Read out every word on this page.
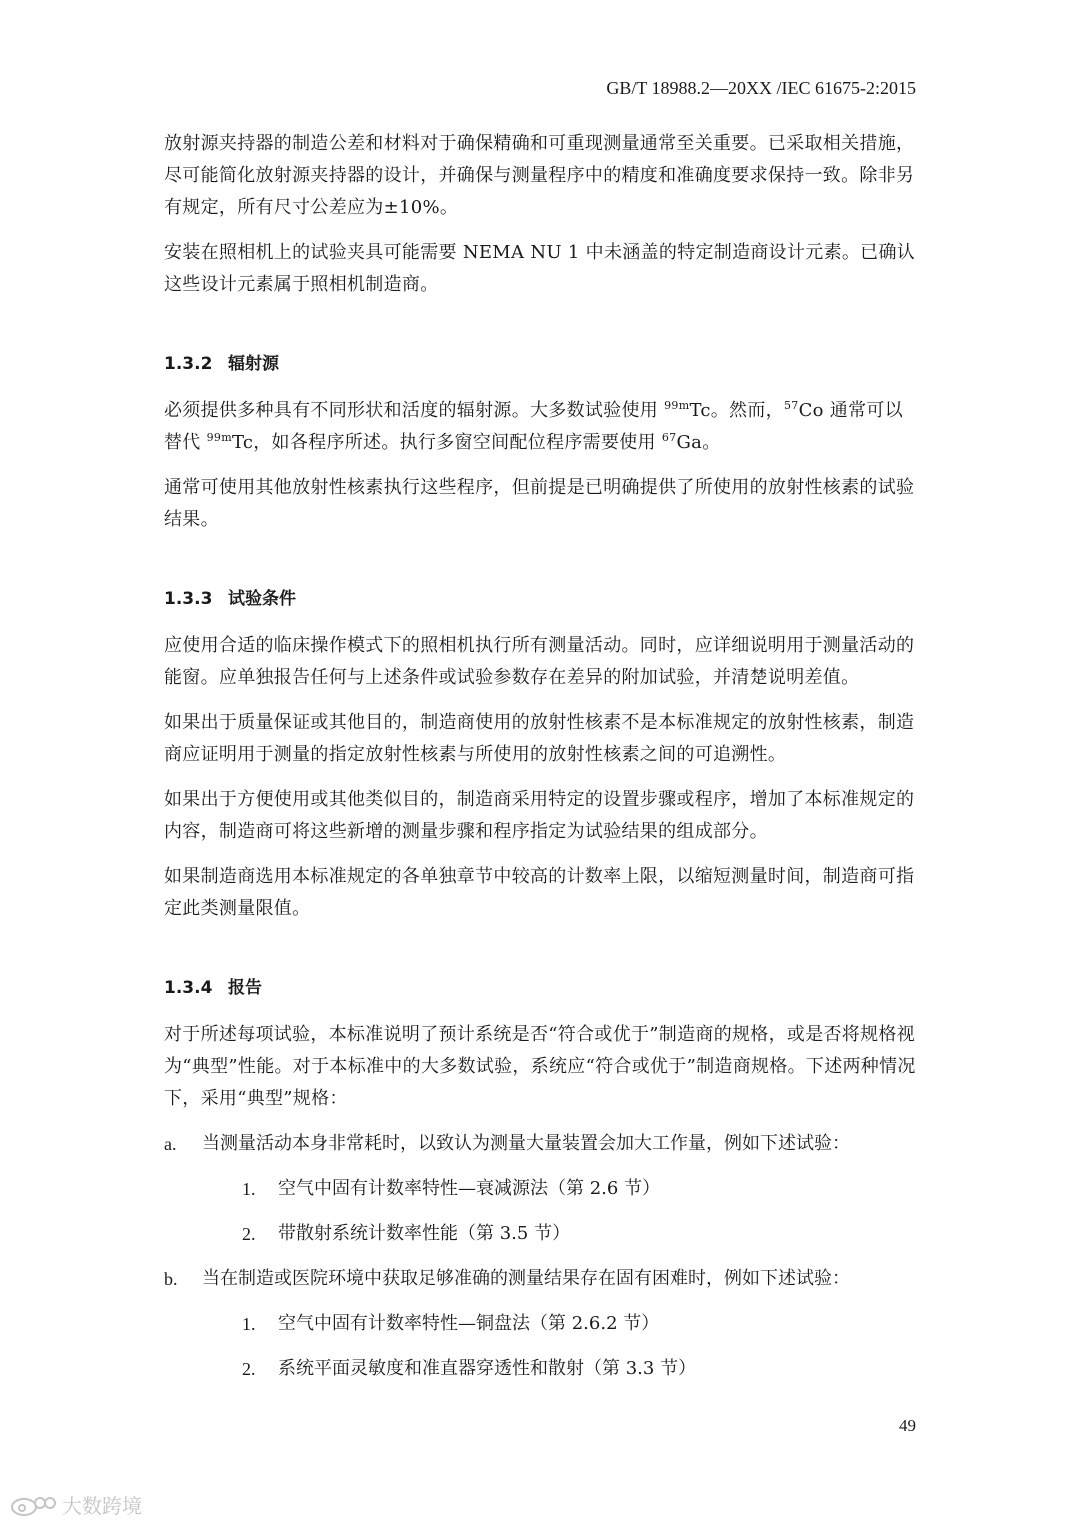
GB/T 18988.2—20XX /IEC 61675-2:2015

放射源夹持器的制造公差和材料对于确保精确和可重现测量通常至关重要。已采取相关措施，尽可能简化放射源夹持器的设计，并确保与测量程序中的精度和准确度要求保持一致。除非另有规定，所有尺寸公差应为±10%。

安装在照相机上的试验夹具可能需要 NEMA NU 1 中未涵盖的特定制造商设计元素。已确认这些设计元素属于照相机制造商。

1.3.2 辐射源

必须提供多种具有不同形状和活度的辐射源。大多数试验使用 $^{99m}$Tc。然而，$^{57}$Co 通常可以替代 $^{99m}$Tc，如各程序所述。执行多窗空间配位程序需要使用 $^{67}$Ga。

通常可使用其他放射性核素执行这些程序，但前提是已明确提供了所使用的放射性核素的试验结果。

1.3.3 试验条件

应使用合适的临床操作模式下的照相机执行所有测量活动。同时，应详细说明用于测量活动的能窗。应单独报告任何与上述条件或试验参数存在差异的附加试验，并清楚说明差值。

如果出于质量保证或其他目的，制造商使用的放射性核素不是本标准规定的放射性核素，制造商应证明用于测量的指定放射性核素与所使用的放射性核素之间的可追溯性。

如果出于方便使用或其他类似目的，制造商采用特定的设置步骤或程序，增加了本标准规定的内容，制造商可将这些新增的测量步骤和程序指定为试验结果的组成部分。

如果制造商选用本标准规定的各单独章节中较高的计数率上限，以缩短测量时间，制造商可指定此类测量限值。

1.3.4 报告

对于所述每项试验，本标准说明了预计系统是否“符合或优于”制造商的规格，或是否将规格视为“典型”性能。对于本标准中的大多数试验，系统应“符合或优于”制造商规格。下述两种情况下，采用“典型”规格：

a.	当测量活动本身非常耗时，以致认为测量大量装置会加大工作量，例如下述试验：
1.	空气中固有计数率特性—衰减源法（第 2.6 节）
2.	带散射系统计数率性能（第 3.5 节）
b.	当在制造或医院环境中获取足够准确的测量结果存在固有困难时，例如下述试验：
1.	空气中固有计数率特性—铜盘法（第 2.6.2 节）
2.	系统平面灵敏度和准直器穿透性和散射（第 3.3 节）
49
大数跨境
